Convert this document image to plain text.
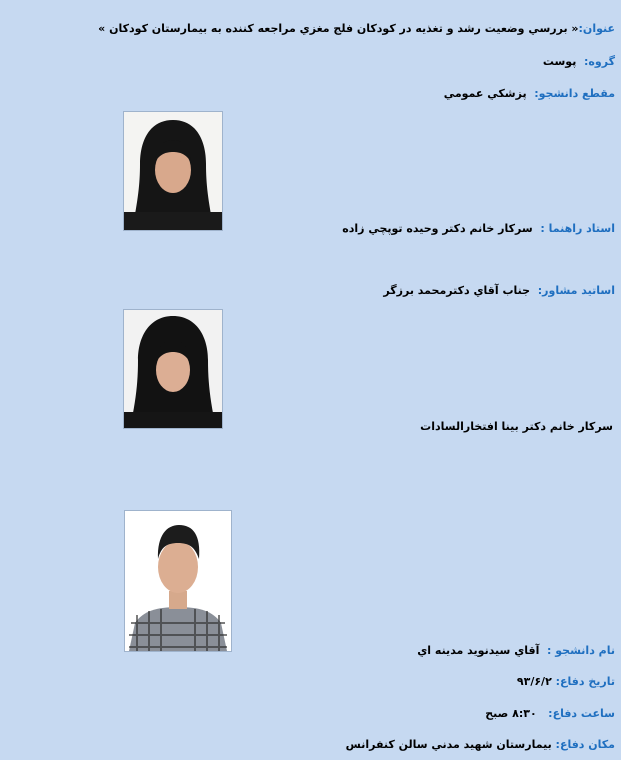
عنوان:« بررسي وضعيت رشد و تغذيه در كودكان فلج مغزي مراجعه كننده به بيمارستان كودكان »
گروه:  پوست
مقطع دانشجو:  پزشكي عمومي
استاد راهنما :  سركار خانم دكتر وحيده توپچي زاده
اساتيد مشاور:  جناب آقاي دكترمحمد برزگر
سركار خانم دكتر بينا افتخارالسادات
نام دانشجو :  آقاي سيدنويد مدينه اي
تاريخ دفاع: ۹۳/۶/۲
ساعت دفاع:   ۸:۳۰ صبح
مكان دفاع: بيمارستان شهيد مدني سالن كنفرانس
